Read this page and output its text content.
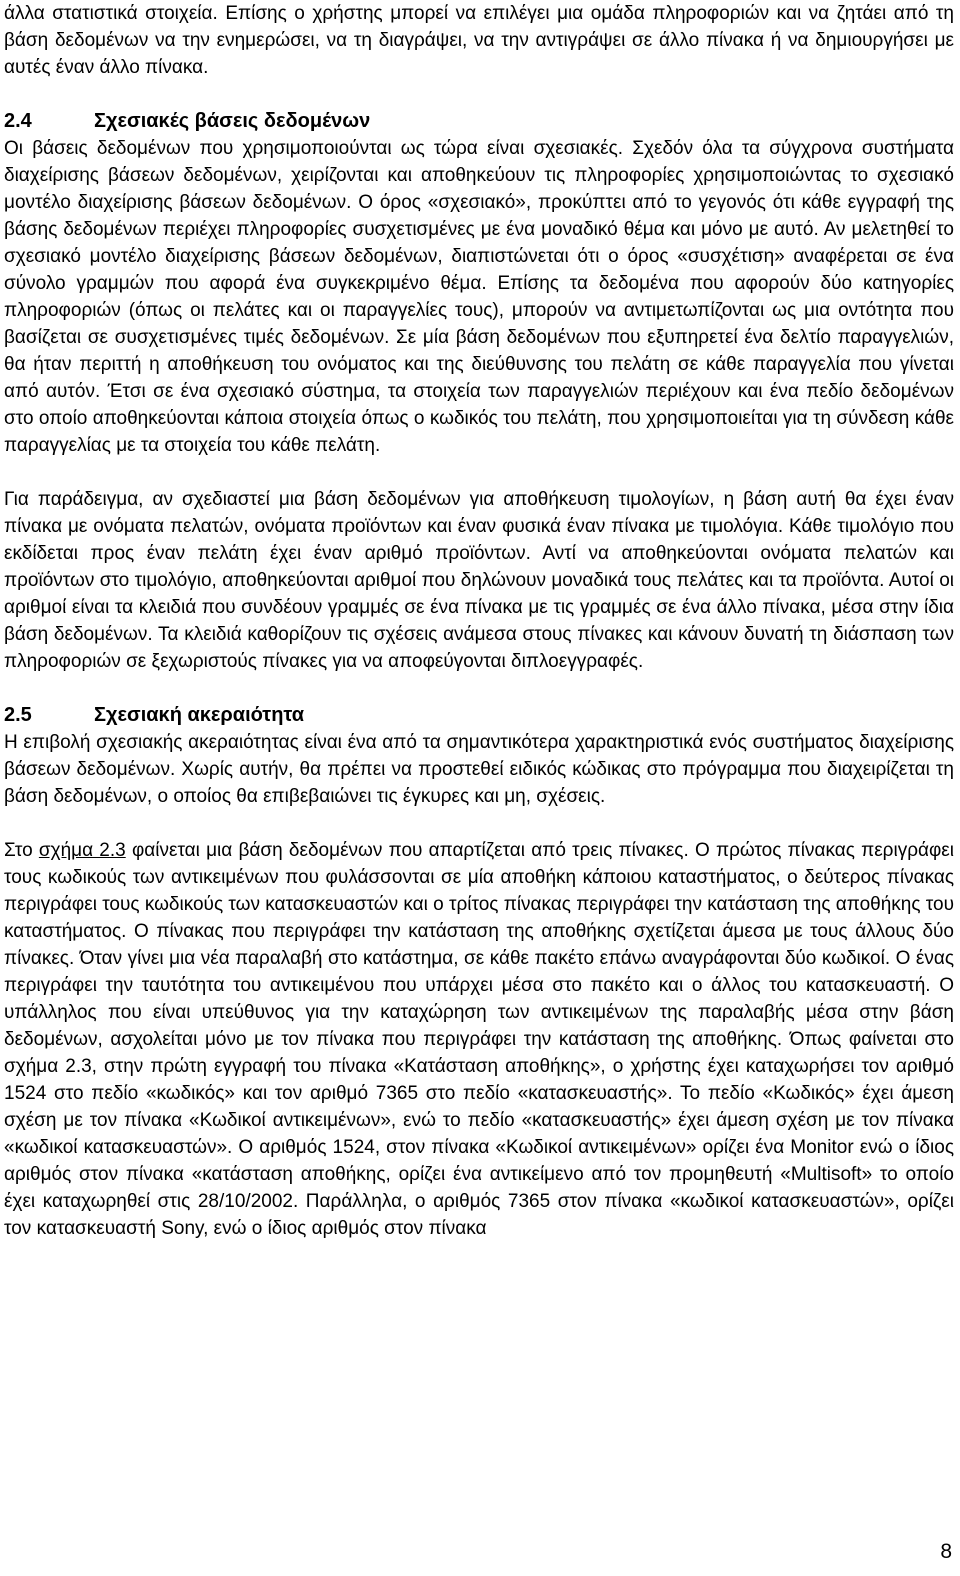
άλλα στατιστικά στοιχεία. Επίσης ο χρήστης μπορεί να επιλέγει μια ομάδα πληροφοριών και να ζητάει από τη βάση δεδομένων να την ενημερώσει, να τη διαγράψει, να την αντιγράψει σε άλλο πίνακα ή να δημιουργήσει με αυτές έναν άλλο πίνακα.

2.4	Σχεσιακές βάσεις δεδομένων

Οι βάσεις δεδομένων που χρησιμοποιούνται ως τώρα είναι σχεσιακές. Σχεδόν όλα τα σύγχρονα συστήματα διαχείρισης βάσεων δεδομένων, χειρίζονται και αποθηκεύουν τις πληροφορίες χρησιμοποιώντας το σχεσιακό μοντέλο διαχείρισης βάσεων δεδομένων. Ο όρος «σχεσιακό», προκύπτει από το γεγονός ότι κάθε εγγραφή της βάσης δεδομένων περιέχει πληροφορίες συσχετισμένες με ένα μοναδικό θέμα και μόνο με αυτό. Αν μελετηθεί το σχεσιακό μοντέλο διαχείρισης βάσεων δεδομένων, διαπιστώνεται ότι ο όρος «συσχέτιση» αναφέρεται σε ένα σύνολο γραμμών που αφορά ένα συγκεκριμένο θέμα. Επίσης τα δεδομένα που αφορούν δύο κατηγορίες πληροφοριών (όπως οι πελάτες και οι παραγγελίες τους), μπορούν να αντιμετωπίζονται ως μια οντότητα που βασίζεται σε συσχετισμένες τιμές δεδομένων. Σε μία βάση δεδομένων που εξυπηρετεί ένα δελτίο παραγγελιών, θα ήταν περιττή η αποθήκευση του ονόματος και της διεύθυνσης του πελάτη σε κάθε παραγγελία που γίνεται από αυτόν. Έτσι σε ένα σχεσιακό σύστημα, τα στοιχεία των παραγγελιών περιέχουν και ένα πεδίο δεδομένων στο οποίο αποθηκεύονται κάποια στοιχεία όπως ο κωδικός του πελάτη, που χρησιμοποιείται για τη σύνδεση κάθε παραγγελίας με τα στοιχεία του κάθε πελάτη.

Για παράδειγμα, αν σχεδιαστεί μια βάση δεδομένων για αποθήκευση τιμολογίων, η βάση αυτή θα έχει έναν πίνακα με ονόματα πελατών, ονόματα προϊόντων και έναν φυσικά έναν πίνακα με τιμολόγια. Κάθε τιμολόγιο που εκδίδεται προς έναν πελάτη έχει έναν αριθμό προϊόντων. Αντί να αποθηκεύονται ονόματα πελατών και προϊόντων στο τιμολόγιο, αποθηκεύονται αριθμοί που δηλώνουν μοναδικά τους πελάτες και τα προϊόντα. Αυτοί οι αριθμοί είναι τα κλειδιά που συνδέουν γραμμές σε ένα πίνακα με τις γραμμές σε ένα άλλο πίνακα, μέσα στην ίδια βάση δεδομένων. Τα κλειδιά καθορίζουν τις σχέσεις ανάμεσα στους πίνακες και κάνουν δυνατή τη διάσπαση των πληροφοριών σε ξεχωριστούς πίνακες για να αποφεύγονται διπλοεγγραφές.

2.5	Σχεσιακή ακεραιότητα

Η επιβολή σχεσιακής ακεραιότητας είναι ένα από τα σημαντικότερα χαρακτηριστικά ενός συστήματος διαχείρισης βάσεων δεδομένων. Χωρίς αυτήν, θα πρέπει να προστεθεί ειδικός κώδικας στο πρόγραμμα που διαχειρίζεται τη βάση δεδομένων, ο οποίος θα επιβεβαιώνει τις έγκυρες και μη, σχέσεις.

Στο σχήμα 2.3 φαίνεται μια βάση δεδομένων που απαρτίζεται από τρεις πίνακες. Ο πρώτος πίνακας περιγράφει τους κωδικούς των αντικειμένων που φυλάσσονται σε μία αποθήκη κάποιου καταστήματος, ο δεύτερος πίνακας περιγράφει τους κωδικούς των κατασκευαστών και ο τρίτος πίνακας περιγράφει την κατάσταση της αποθήκης του καταστήματος. Ο πίνακας που περιγράφει την κατάσταση της αποθήκης σχετίζεται άμεσα με τους άλλους δύο πίνακες. Όταν γίνει μια νέα παραλαβή στο κατάστημα, σε κάθε πακέτο επάνω αναγράφονται δύο κωδικοί. Ο ένας περιγράφει την ταυτότητα του αντικειμένου που υπάρχει μέσα στο πακέτο και ο άλλος του κατασκευαστή. Ο υπάλληλος που είναι υπεύθυνος για την καταχώρηση των αντικειμένων της παραλαβής μέσα στην βάση δεδομένων, ασχολείται μόνο με τον πίνακα που περιγράφει την κατάσταση της αποθήκης. Όπως φαίνεται στο σχήμα 2.3, στην πρώτη εγγραφή του πίνακα «Κατάσταση αποθήκης», ο χρήστης έχει καταχωρήσει τον αριθμό 1524 στο πεδίο «κωδικός» και τον αριθμό 7365 στο πεδίο «κατασκευαστής». Το πεδίο «Κωδικός» έχει άμεση σχέση με τον πίνακα «Κωδικοί αντικειμένων», ενώ το πεδίο «κατασκευαστής» έχει άμεση σχέση με τον πίνακα «κωδικοί κατασκευαστών». Ο αριθμός 1524, στον πίνακα «Κωδικοί αντικειμένων» ορίζει ένα Monitor ενώ ο ίδιος αριθμός στον πίνακα «κατάσταση αποθήκης, ορίζει ένα αντικείμενο από τον προμηθευτή «Multisoft» το οποίο έχει καταχωρηθεί στις 28/10/2002. Παράλληλα, ο αριθμός 7365 στον πίνακα «κωδικοί κατασκευαστών», ορίζει τον κατασκευαστή Sony, ενώ ο ίδιος αριθμός στον πίνακα

8
